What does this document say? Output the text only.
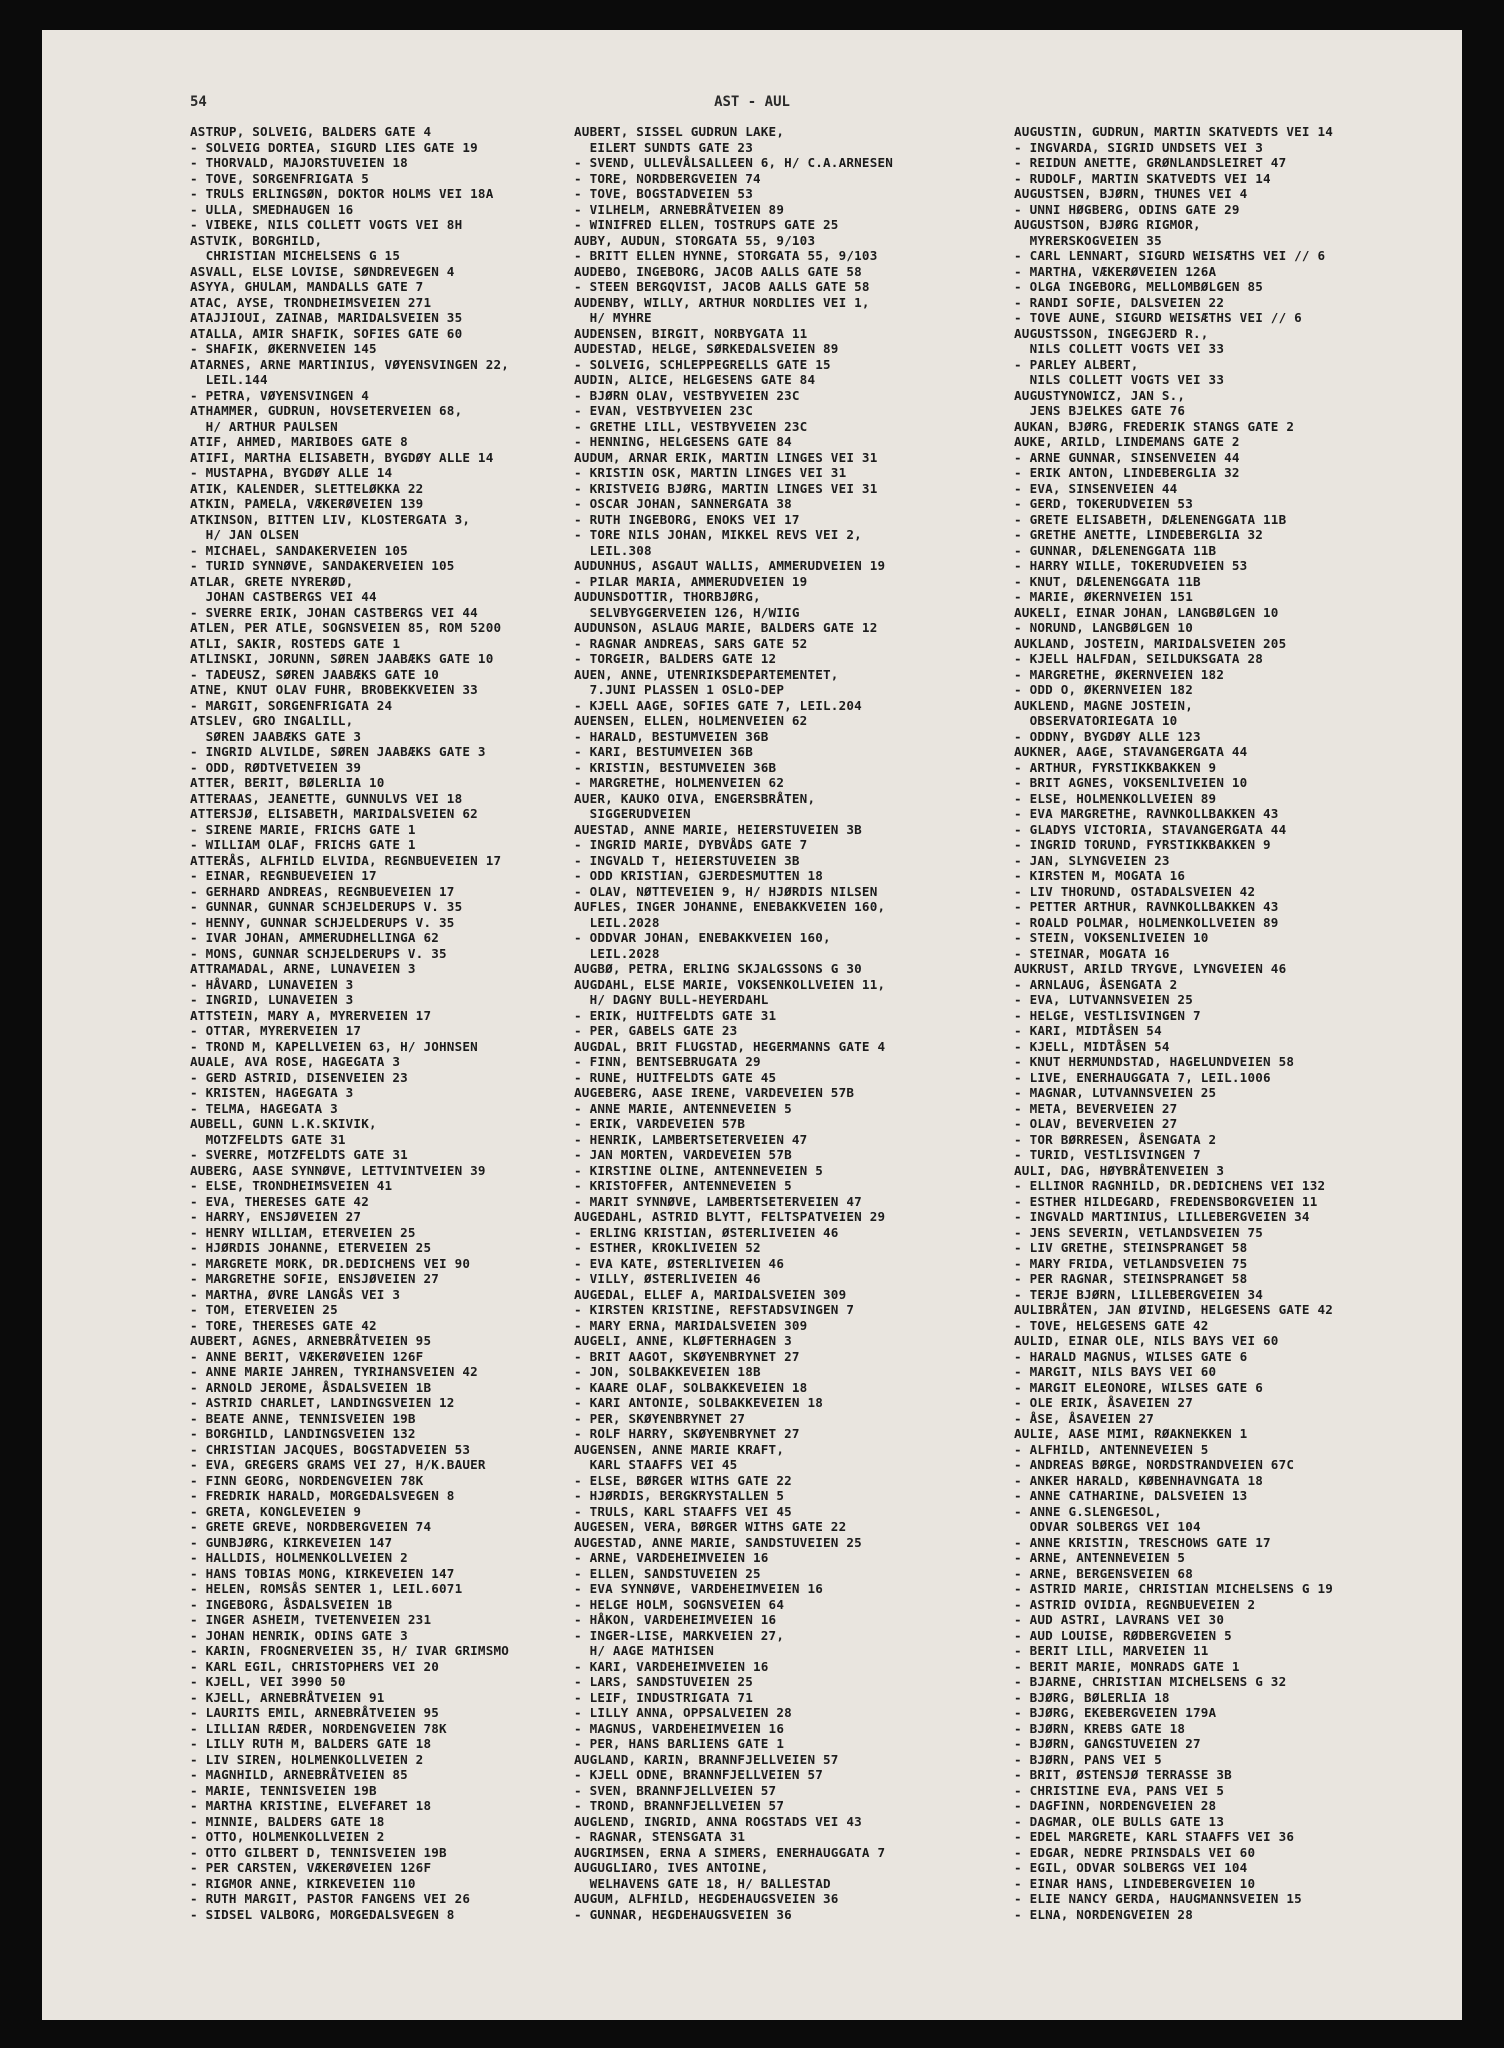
54	AST - AUL
ASTRUP, SOLVEIG, BALDERS GATE 4
- SOLVEIG DORTEA, SIGURD LIES GATE 19
- THORVALD, MAJORSTUVEIEN 18
- TOVE, SORGENFRIGATA 5
- TRULS ERLINGSØN, DOKTOR HOLMS VEI 18A
- ULLA, SMEDHAUGEN 16
- VIBEKE, NILS COLLETT VOGTS VEI 8H
ASTVIK, BORGHILD,
CHRISTIAN MICHELSENS G 15
ASVALL, ELSE LOVISE, SØNDREVEGEN 4
ASYYA, GHULAM, MANDALLS GATE 7
ATAC, AYSE, TRONDHEIMSVEIEN 271
ATAJJIOUI, ZAINAB, MARIDALSVEIEN 35
ATALLA, AMIR SHAFIK, SOFIES GATE 60
- SHAFIK, ØKERNVEIEN 145
ATARNES, ARNE MARTINIUS, VØYENSVINGEN 22,
LEIL.144
- PETRA, VØYENSVINGEN 4
ATHAMMER, GUDRUN, HOVSETERVEIEN 68,
H/ ARTHUR PAULSEN
ATIF, AHMED, MARIBOES GATE 8
ATIFI, MARTHA ELISABETH, BYGDØY ALLE 14
- MUSTAPHA, BYGDØY ALLE 14
ATIK, KALENDER, SLETTELØKKA 22
ATKIN, PAMELA, VÆKERØVEIEN 139
ATKINSON, BITTEN LIV, KLOSTERGATA 3,
H/ JAN OLSEN
- MICHAEL, SANDAKERVEIEN 105
- TURID SYNNØVE, SANDAKERVEIEN 105
ATLAR, GRETE NYRERØD,
JOHAN CASTBERGS VEI 44
- SVERRE ERIK, JOHAN CASTBERGS VEI 44
ATLEN, PER ATLE, SOGNSVEIEN 85, ROM 5200
ATLI, SAKIR, ROSTEDS GATE 1
ATLINSKI, JORUNN, SØREN JAABÆKS GATE 10
- TADEUSZ, SØREN JAABÆKS GATE 10
ATNE, KNUT OLAV FUHR, BROBEKKVEIEN 33
- MARGIT, SORGENFRIGATA 24
ATSLEV, GRO INGALILL,
SØREN JAABÆKS GATE 3
- INGRID ALVILDE, SØREN JAABÆKS GATE 3
- ODD, RØDTVETVEIEN 39
ATTER, BERIT, BØLERLIA 10
ATTERAAS, JEANETTE, GUNNULVS VEI 18
ATTERSJØ, ELISABETH, MARIDALSVEIEN 62
- SIRENE MARIE, FRICHS GATE 1
- WILLIAM OLAF, FRICHS GATE 1
ATTERÅS, ALFHILD ELVIDA, REGNBUEVEIEN 17
- EINAR, REGNBUEVEIEN 17
- GERHARD ANDREAS, REGNBUEVEIEN 17
- GUNNAR, GUNNAR SCHJELDERUPS V. 35
- HENNY, GUNNAR SCHJELDERUPS V. 35
- IVAR JOHAN, AMMERUDHELLINGA 62
- MONS, GUNNAR SCHJELDERUPS V. 35
ATTRAMADAL, ARNE, LUNAVEIEN 3
- HÅVARD, LUNAVEIEN 3
- INGRID, LUNAVEIEN 3
ATTSTEIN, MARY A, MYRERVEIEN 17
- OTTAR, MYRERVEIEN 17
- TROND M, KAPELLVEIEN 63, H/ JOHNSEN
AUALE, AVA ROSE, HAGEGATA 3
- GERD ASTRID, DISENVEIEN 23
- KRISTEN, HAGEGATA 3
- TELMA, HAGEGATA 3
AUBELL, GUNN L.K.SKIVIK,
MOTZFELDTS GATE 31
- SVERRE, MOTZFELDTS GATE 31
AUBERG, AASE SYNNØVE, LETTVINTVEIEN 39
- ELSE, TRONDHEIMSVEIEN 41
- EVA, THERESES GATE 42
- HARRY, ENSJØVEIEN 27
- HENRY WILLIAM, ETERVEIEN 25
- HJØRDIS JOHANNE, ETERVEIEN 25
- MARGRETE MORK, DR.DEDICHENS VEI 90
- MARGRETHE SOFIE, ENSJØVEIEN 27
- MARTHA, ØVRE LANGÅS VEI 3
- TOM, ETERVEIEN 25
- TORE, THERESES GATE 42
AUBERT, AGNES, ARNEBRÅTVEIEN 95
- ANNE BERIT, VÆKERØVEIEN 126F
- ANNE MARIE JAHREN, TYRIHANSVEIEN 42
- ARNOLD JEROME, ÅSDALSVEIEN 1B
- ASTRID CHARLET, LANDINGSVEIEN 12
- BEATE ANNE, TENNISVEIEN 19B
- BORGHILD, LANDINGSVEIEN 132
- CHRISTIAN JACQUES, BOGSTADVEIEN 53
- EVA, GREGERS GRAMS VEI 27, H/K.BAUER
- FINN GEORG, NORDENGVEIEN 78K
- FREDRIK HARALD, MORGEDALSVEGEN 8
- GRETA, KONGLEVEIEN 9
- GRETE GREVE, NORDBERGVEIEN 74
- GUNBJØRG, KIRKEVEIEN 147
- HALLDIS, HOLMENKOLLVEIEN 2
- HANS TOBIAS MONG, KIRKEVEIEN 147
- HELEN, ROMSÅS SENTER 1, LEIL.6071
- INGEBORG, ÅSDALSVEIEN 1B
- INGER ASHEIM, TVETENVEIEN 231
- JOHAN HENRIK, ODINS GATE 3
- KARIN, FROGNERVEIEN 35, H/ IVAR GRIMSMO
- KARL EGIL, CHRISTOPHERS VEI 20
- KJELL, VEI 3990 50
- KJELL, ARNEBRÅTVEIEN 91
- LAURITS EMIL, ARNEBRÅTVEIEN 95
- LILLIAN RÆDER, NORDENGVEIEN 78K
- LILLY RUTH M, BALDERS GATE 18
- LIV SIREN, HOLMENKOLLVEIEN 2
- MAGNHILD, ARNEBRÅTVEIEN 85
- MARIE, TENNISVEIEN 19B
- MARTHA KRISTINE, ELVEFARET 18
- MINNIE, BALDERS GATE 18
- OTTO, HOLMENKOLLVEIEN 2
- OTTO GILBERT D, TENNISVEIEN 19B
- PER CARSTEN, VÆKERØVEIEN 126F
- RIGMOR ANNE, KIRKEVEIEN 110
- RUTH MARGIT, PASTOR FANGENS VEI 26
- SIDSEL VALBORG, MORGEDALSVEGEN 8
AUBERT, SISSEL GUDRUN LAKE,
EILERT SUNDTS GATE 23
- SVEND, ULLEVÅLSALLEEN 6, H/ C.A.ARNESEN
- TORE, NORDBERGVEIEN 74
- TOVE, BOGSTADVEIEN 53
- VILHELM, ARNEBRÅTVEIEN 89
- WINIFRED ELLEN, TOSTRUPS GATE 25
AUBY, AUDUN, STORGATA 55, 9/103
- BRITT ELLEN HYNNE, STORGATA 55, 9/103
AUDEBO, INGEBORG, JACOB AALLS GATE 58
- STEEN BERGQVIST, JACOB AALLS GATE 58
AUDENBY, WILLY, ARTHUR NORDLIES VEI 1,
H/ MYHRE
AUDENSEN, BIRGIT, NORBYGATA 11
AUDESTAD, HELGE, SØRKEDALSVEIEN 89
- SOLVEIG, SCHLEPPEGRELLS GATE 15
AUDIN, ALICE, HELGESENS GATE 84
- BJØRN OLAV, VESTBYVEIEN 23C
- EVAN, VESTBYVEIEN 23C
- GRETHE LILL, VESTBYVEIEN 23C
- HENNING, HELGESENS GATE 84
AUDUM, ARNAR ERIK, MARTIN LINGES VEI 31
- KRISTIN OSK, MARTIN LINGES VEI 31
- KRISTVEIG BJØRG, MARTIN LINGES VEI 31
- OSCAR JOHAN, SANNERGATA 38
- RUTH INGEBORG, ENOKS VEI 17
- TORE NILS JOHAN, MIKKEL REVS VEI 2,
LEIL.308
AUDUNHUS, ASGAUT WALLIS, AMMERUDVEIEN 19
- PILAR MARIA, AMMERUDVEIEN 19
AUDUNSDOTTIR, THORBJØRG,
SELVBYGGERVEIEN 126, H/WIIG
AUDUNSON, ASLAUG MARIE, BALDERS GATE 12
- RAGNAR ANDREAS, SARS GATE 52
- TORGEIR, BALDERS GATE 12
AUEN, ANNE, UTENRIKSDEPARTEMENTET,
7.JUNI PLASSEN 1 OSLO-DEP
- KJELL AAGE, SOFIES GATE 7, LEIL.204
AUENSEN, ELLEN, HOLMENVEIEN 62
- HARALD, BESTUMVEIEN 36B
- KARI, BESTUMVEIEN 36B
- KRISTIN, BESTUMVEIEN 36B
- MARGRETHE, HOLMENVEIEN 62
AUER, KAUKO OIVA, ENGERSBRÅTEN,
SIGGERUDVEIEN
AUESTAD, ANNE MARIE, HEIERSTUVEIEN 3B
- INGRID MARIE, DYBVÅDS GATE 7
- INGVALD T, HEIERSTUVEIEN 3B
- ODD KRISTIAN, GJERDESMUTTEN 18
- OLAV, NØTTEVEIEN 9, H/ HJØRDIS NILSEN
AUFLES, INGER JOHANNE, ENEBAKKVEIEN 160,
LEIL.2028
- ODDVAR JOHAN, ENEBAKKVEIEN 160,
LEIL.2028
AUGBØ, PETRA, ERLING SKJALGSSONS G 30
AUGDAHL, ELSE MARIE, VOKSENKOLLVEIEN 11,
H/ DAGNY BULL-HEYERDAHL
- ERIK, HUITFELDTS GATE 31
- PER, GABELS GATE 23
AUGDAL, BRIT FLUGSTAD, HEGERMANNS GATE 4
- FINN, BENTSEBRUGATA 29
- RUNE, HUITFELDTS GATE 45
AUGEBERG, AASE IRENE, VARDEVEIEN 57B
- ANNE MARIE, ANTENNEVEIEN 5
- ERIK, VARDEVEIEN 57B
- HENRIK, LAMBERTSETERVEIEN 47
- JAN MORTEN, VARDEVEIEN 57B
- KIRSTINE OLINE, ANTENNEVEIEN 5
- KRISTOFFER, ANTENNEVEIEN 5
- MARIT SYNNØVE, LAMBERTSETERVEIEN 47
AUGEDAHL, ASTRID BLYTT, FELTSPATVEIEN 29
- ERLING KRISTIAN, ØSTERLIVEIEN 46
- ESTHER, KROKLIVEIEN 52
- EVA KATE, ØSTERLIVEIEN 46
- VILLY, ØSTERLIVEIEN 46
AUGEDAL, ELLEF A, MARIDALSVEIEN 309
- KIRSTEN KRISTINE, REFSTADSVINGEN 7
- MARY ERNA, MARIDALSVEIEN 309
AUGELI, ANNE, KLØFTERHAGEN 3
- BRIT AAGOT, SKØYENBRYNET 27
- JON, SOLBAKKEVEIEN 18B
- KAARE OLAF, SOLBAKKEVEIEN 18
- KARI ANTONIE, SOLBAKKEVEIEN 18
- PER, SKØYENBRYNET 27
- ROLF HARRY, SKØYENBRYNET 27
AUGENSEN, ANNE MARIE KRAFT,
KARL STAAFFS VEI 45
- ELSE, BØRGER WITHS GATE 22
- HJØRDIS, BERGKRYSTALLEN 5
- TRULS, KARL STAAFFS VEI 45
AUGESEN, VERA, BØRGER WITHS GATE 22
AUGESTAD, ANNE MARIE, SANDSTUVEIEN 25
- ARNE, VARDEHEIMVEIEN 16
- ELLEN, SANDSTUVEIEN 25
- EVA SYNNØVE, VARDEHEIMVEIEN 16
- HELGE HOLM, SOGNSVEIEN 64
- HÅKON, VARDEHEIMVEIEN 16
- INGER-LISE, MARKVEIEN 27,
H/ AAGE MATHISEN
- KARI, VARDEHEIMVEIEN 16
- LARS, SANDSTUVEIEN 25
- LEIF, INDUSTRIGATA 71
- LILLY ANNA, OPPSALVEIEN 28
- MAGNUS, VARDEHEIMVEIEN 16
- PER, HANS BARLIENS GATE 1
AUGLAND, KARIN, BRANNFJELLVEIEN 57
- KJELL ODNE, BRANNFJELLVEIEN 57
- SVEN, BRANNFJELLVEIEN 57
- TROND, BRANNFJELLVEIEN 57
AUGLEND, INGRID, ANNA ROGSTADS VEI 43
- RAGNAR, STENSGATA 31
AUGRIMSEN, ERNA A SIMERS, ENERHAUGGATA 7
AUGUGLIARO, IVES ANTOINE,
WELHAVENS GATE 18, H/ BALLESTAD
AUGUM, ALFHILD, HEGDEHAUGSVEIEN 36
- GUNNAR, HEGDEHAUGSVEIEN 36
AUGUSTIN, GUDRUN, MARTIN SKATVEDTS VEI 14
- INGVARDA, SIGRID UNDSETS VEI 3
- REIDUN ANETTE, GRØNLANDSLEIRET 47
- RUDOLF, MARTIN SKATVEDTS VEI 14
AUGUSTSEN, BJØRN, THUNES VEI 4
- UNNI HØGBERG, ODINS GATE 29
AUGUSTSON, BJØRG RIGMOR,
MYRERSKOGVEIEN 35
- CARL LENNART, SIGURD WEISÆTHS VEI // 6
- MARTHA, VÆKERØVEIEN 126A
- OLGA INGEBORG, MELLOMBØLGEN 85
- RANDI SOFIE, DALSVEIEN 22
- TOVE AUNE, SIGURD WEISÆTHS VEI // 6
AUGUSTSSON, INGEGJERD R.,
NILS COLLETT VOGTS VEI 33
- PARLEY ALBERT,
NILS COLLETT VOGTS VEI 33
AUGUSTYNOWICZ, JAN S.,
JENS BJELKES GATE 76
AUKAN, BJØRG, FREDERIK STANGS GATE 2
AUKE, ARILD, LINDEMANS GATE 2
- ARNE GUNNAR, SINSENVEIEN 44
- ERIK ANTON, LINDEBERGLIA 32
- EVA, SINSENVEIEN 44
- GERD, TOKERUDVEIEN 53
- GRETE ELISABETH, DÆLENENGGATA 11B
- GRETHE ANETTE, LINDEBERGLIA 32
- GUNNAR, DÆLENENGGATA 11B
- HARRY WILLE, TOKERUDVEIEN 53
- KNUT, DÆLENENGGATA 11B
- MARIE, ØKERNVEIEN 151
AUKELI, EINAR JOHAN, LANGBØLGEN 10
- NORUND, LANGBØLGEN 10
AUKLAND, JOSTEIN, MARIDALSVEIEN 205
- KJELL HALFDAN, SEILDUKSGATA 28
- MARGRETHE, ØKERNVEIEN 182
- ODD O, ØKERNVEIEN 182
AUKLEND, MAGNE JOSTEIN,
OBSERVATORIEGATA 10
- ODDNY, BYGDØY ALLE 123
AUKNER, AAGE, STAVANGERGATA 44
- ARTHUR, FYRSTIKKBAKKEN 9
- BRIT AGNES, VOKSENLIVEIEN 10
- ELSE, HOLMENKOLLVEIEN 89
- EVA MARGRETHE, RAVNKOLLBAKKEN 43
- GLADYS VICTORIA, STAVANGERGATA 44
- INGRID TORUND, FYRSTIKKBAKKEN 9
- JAN, SLYNGVEIEN 23
- KIRSTEN M, MOGATA 16
- LIV THORUND, OSTADALSVEIEN 42
- PETTER ARTHUR, RAVNKOLLBAKKEN 43
- ROALD POLMAR, HOLMENKOLLVEIEN 89
- STEIN, VOKSENLIVEIEN 10
- STEINAR, MOGATA 16
AUKRUST, ARILD TRYGVE, LYNGVEIEN 46
- ARNLAUG, ÅSENGATA 2
- EVA, LUTVANNSVEIEN 25
- HELGE, VESTLISVINGEN 7
- KARI, MIDTÅSEN 54
- KJELL, MIDTÅSEN 54
- KNUT HERMUNDSTAD, HAGELUNDVEIEN 58
- LIVE, ENERHAUGGATA 7, LEIL.1006
- MAGNAR, LUTVANNSVEIEN 25
- META, BEVERVEIEN 27
- OLAV, BEVERVEIEN 27
- TOR BØRRESEN, ÅSENGATA 2
- TURID, VESTLISVINGEN 7
AULI, DAG, HØYBRÅTENVEIEN 3
- ELLINOR RAGNHILD, DR.DEDICHENS VEI 132
- ESTHER HILDEGARD, FREDENSBORGVEIEN 11
- INGVALD MARTINIUS, LILLEBERGVEIEN 34
- JENS SEVERIN, VETLANDSVEIEN 75
- LIV GRETHE, STEINSPRANGET 58
- MARY FRIDA, VETLANDSVEIEN 75
- PER RAGNAR, STEINSPRANGET 58
- TERJE BJØRN, LILLEBERGVEIEN 34
AULIBRÅTEN, JAN ØIVIND, HELGESENS GATE 42
- TOVE, HELGESENS GATE 42
AULID, EINAR OLE, NILS BAYS VEI 60
- HARALD MAGNUS, WILSES GATE 6
- MARGIT, NILS BAYS VEI 60
- MARGIT ELEONORE, WILSES GATE 6
- OLE ERIK, ÅSAVEIEN 27
- ÅSE, ÅSAVEIEN 27
AULIE, AASE MIMI, RØAKNEKKEN 1
- ALFHILD, ANTENNEVEIEN 5
- ANDREAS BØRGE, NORDSTRANDVEIEN 67C
- ANKER HARALD, KØBENHAVNGATA 18
- ANNE CATHARINE, DALSVEIEN 13
- ANNE G.SLENGESOL,
ODVAR SOLBERGS VEI 104
- ANNE KRISTIN, TRESCHOWS GATE 17
- ARNE, ANTENNEVEIEN 5
- ARNE, BERGENSVEIEN 68
- ASTRID MARIE, CHRISTIAN MICHELSENS G 19
- ASTRID OVIDIA, REGNBUEVEIEN 2
- AUD ASTRI, LAVRANS VEI 30
- AUD LOUISE, RØDBERGVEIEN 5
- BERIT LILL, MARVEIEN 11
- BERIT MARIE, MONRADS GATE 1
- BJARNE, CHRISTIAN MICHELSENS G 32
- BJØRG, BØLERLIA 18
- BJØRG, EKEBERGVEIEN 179A
- BJØRN, KREBS GATE 18
- BJØRN, GANGSTUVEIEN 27
- BJØRN, PANS VEI 5
- BRIT, ØSTENSJØ TERRASSE 3B
- CHRISTINE EVA, PANS VEI 5
- DAGFINN, NORDENGVEIEN 28
- DAGMAR, OLE BULLS GATE 13
- EDEL MARGRETE, KARL STAAFFS VEI 36
- EDGAR, NEDRE PRINSDALS VEI 60
- EGIL, ODVAR SOLBERGS VEI 104
- EINAR HANS, LINDEBERGVEIEN 10
- ELIE NANCY GERDA, HAUGMANNSVEIEN 15
- ELNA, NORDENGVEIEN 28
